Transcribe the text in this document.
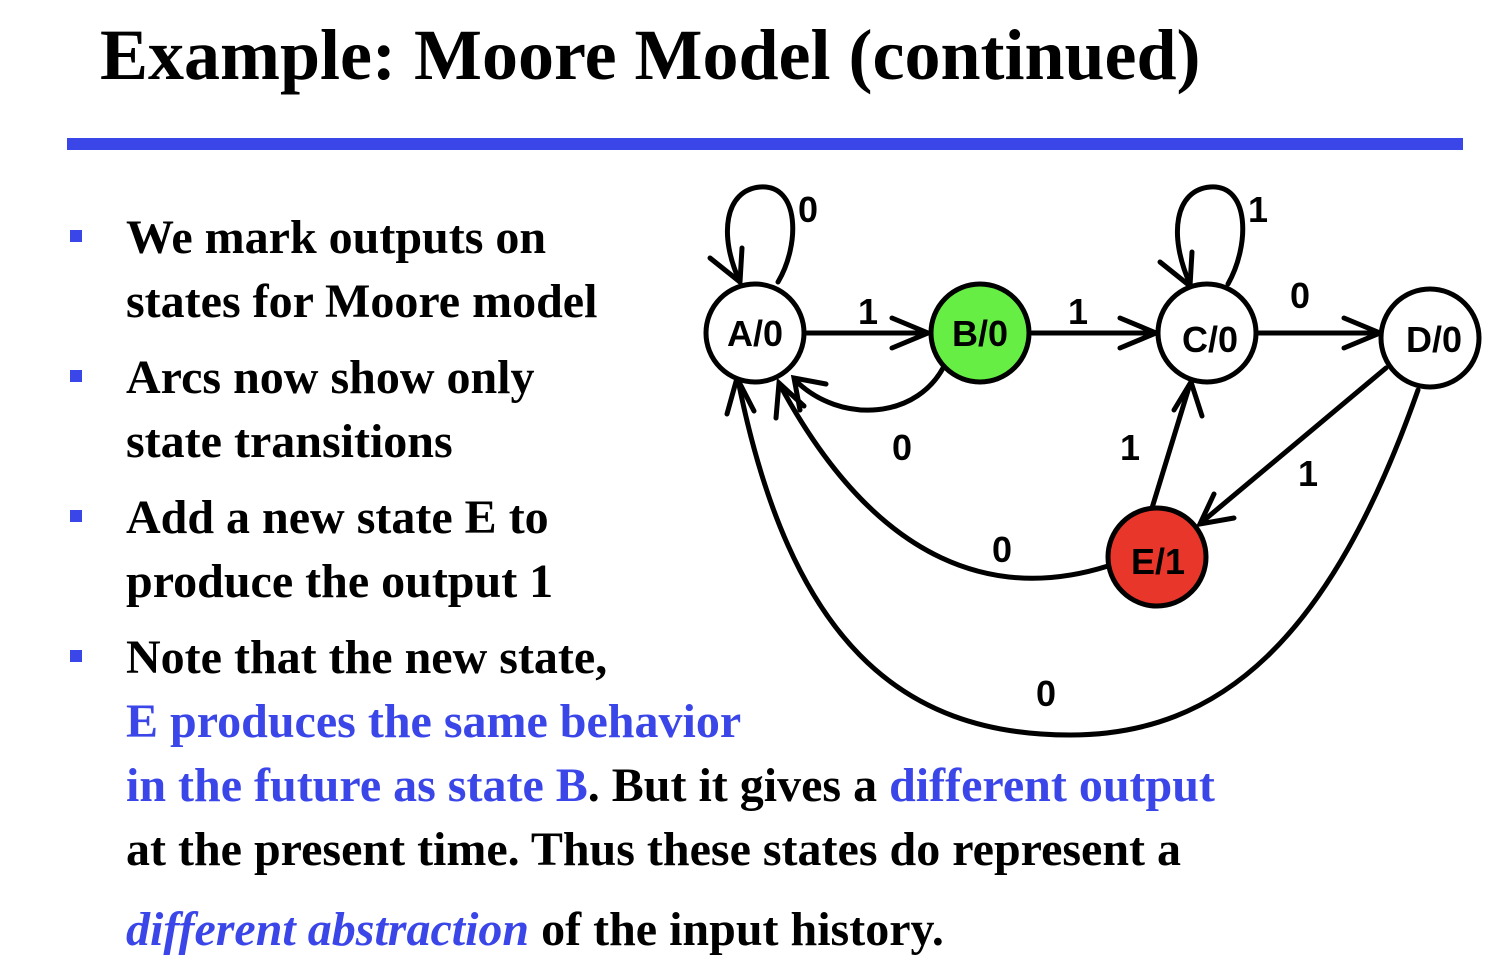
Example: Moore Model (continued)
We mark outputs on
states for Moore model
Arcs now show only
state transitions
Add a new state E to
produce the output 1
Note that the new state,
E produces the same behavior
in the future as state B. But it gives a different output
at the present time. Thus these states do represent a
different abstraction of the input history.
A/0	B/0	C/0	D/0
E/1
0	1
1	1	0
0	1
1
0
0
